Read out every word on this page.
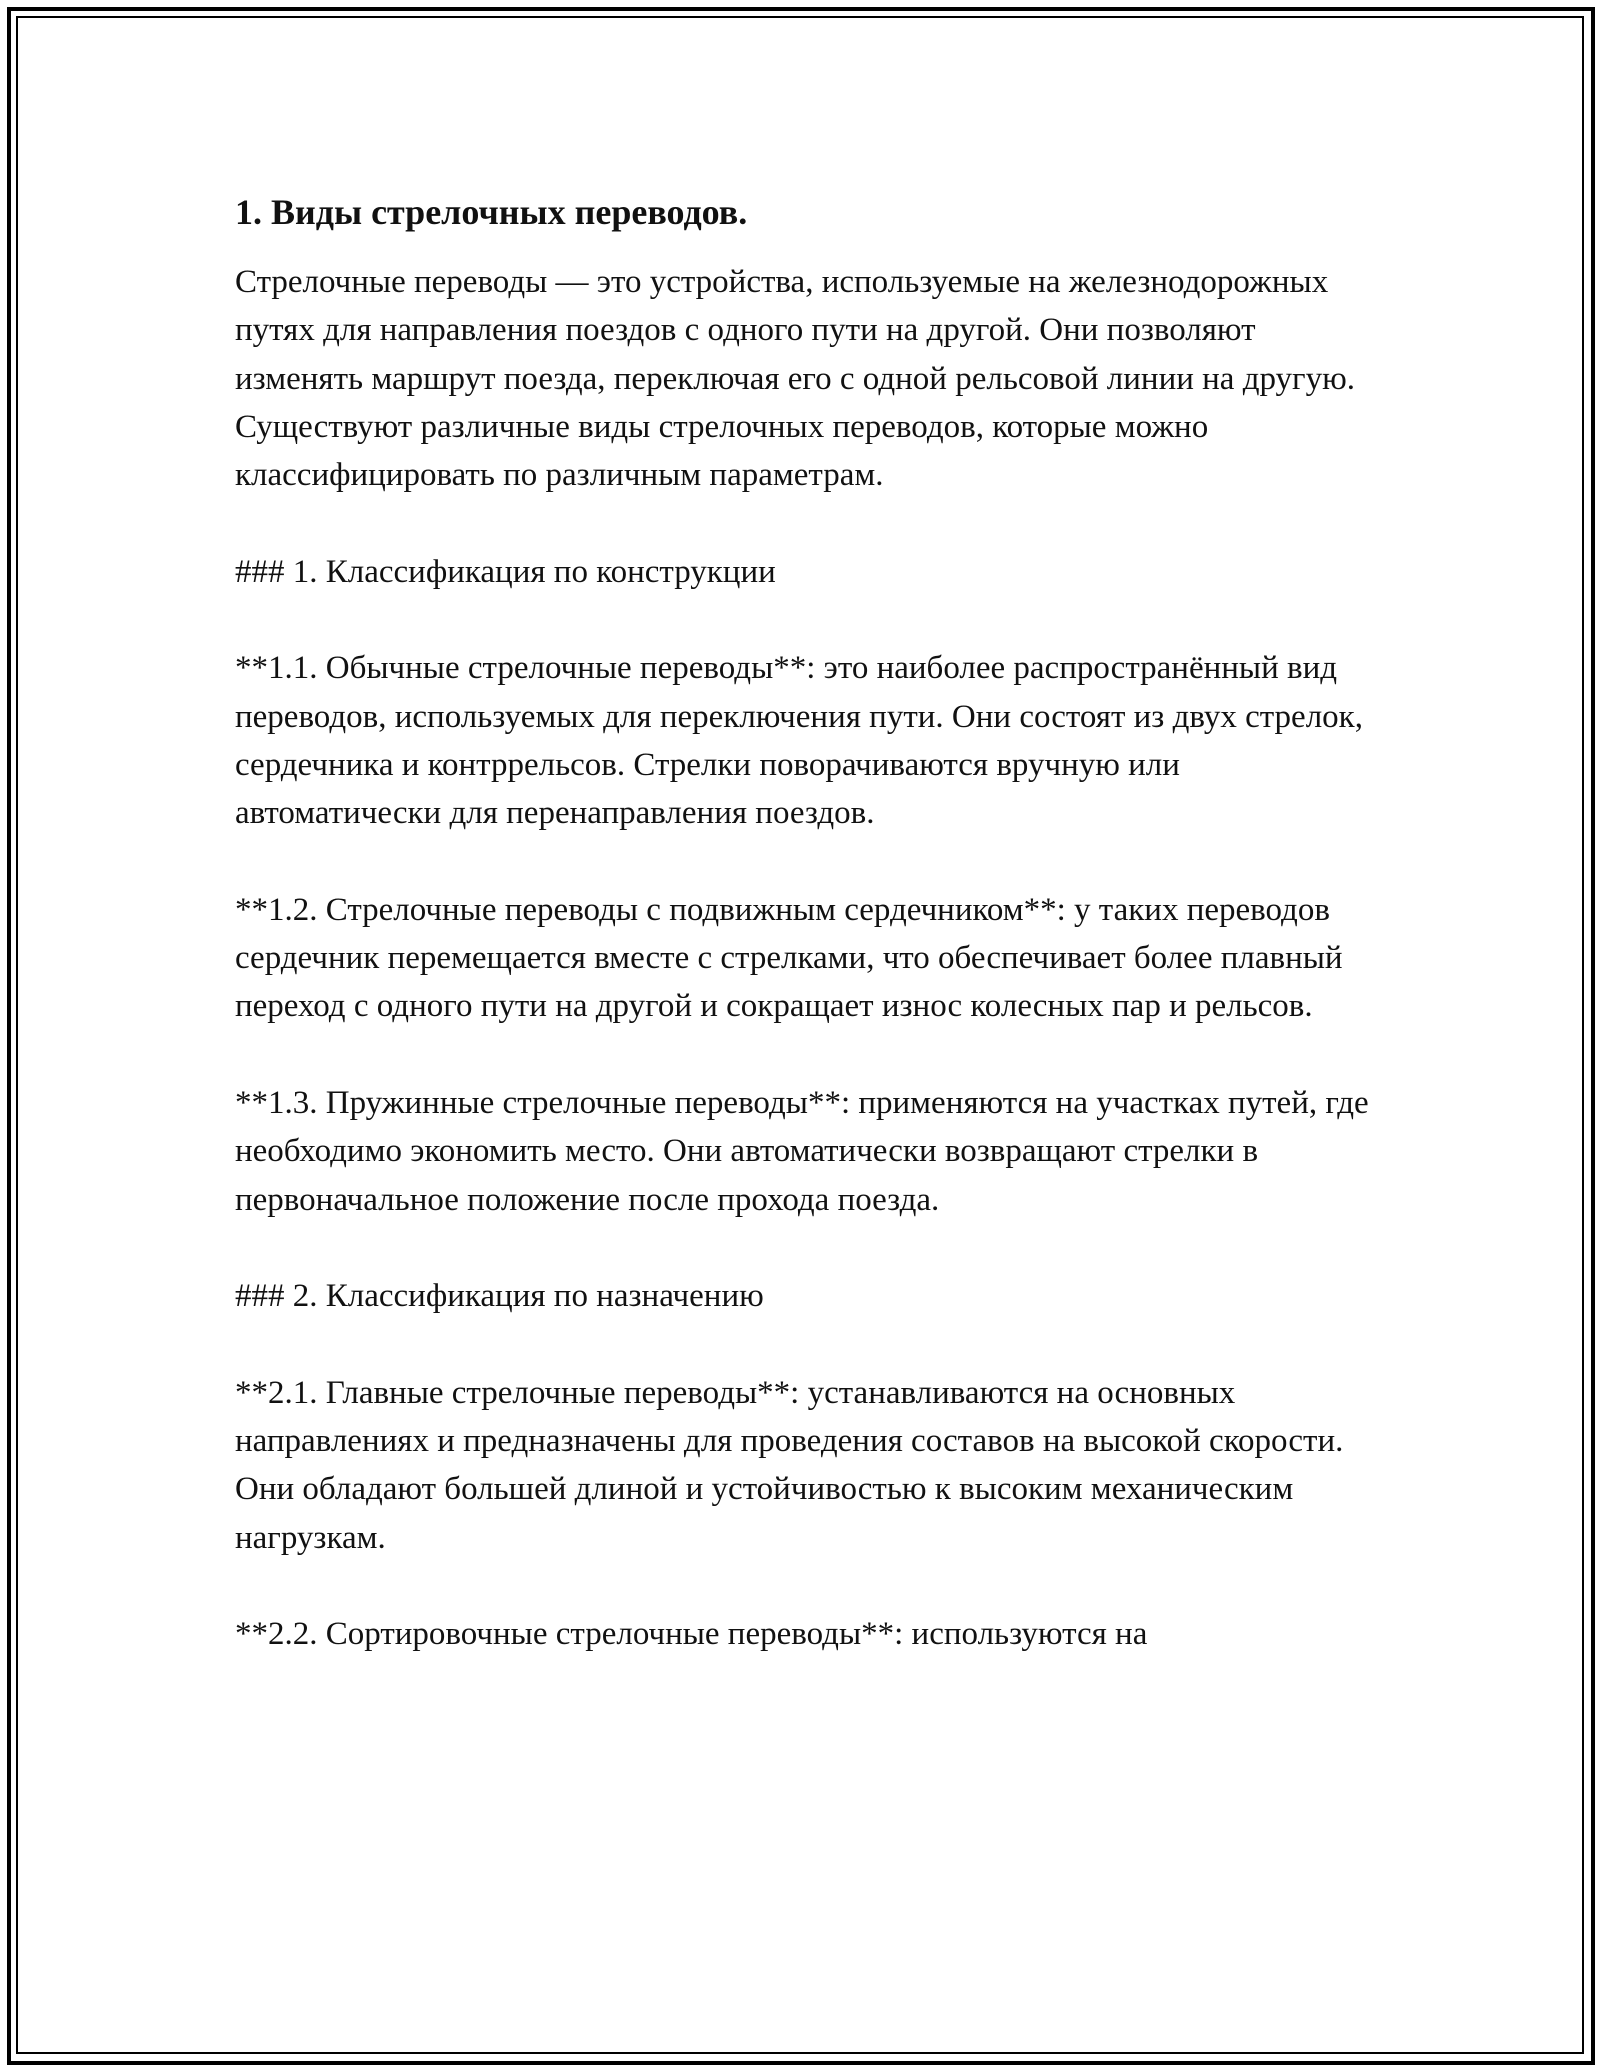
1. Виды стрелочных переводов.

Стрелочные переводы — это устройства, используемые на железнодорожных путях для направления поездов с одного пути на другой. Они позволяют изменять маршрут поезда, переключая его с одной рельсовой линии на другую. Существуют различные виды стрелочных переводов, которые можно классифицировать по различным параметрам.

### 1. Классификация по конструкции

**1.1. Обычные стрелочные переводы**: это наиболее распространённый вид переводов, используемых для переключения пути. Они состоят из двух стрелок, сердечника и контррельсов. Стрелки поворачиваются вручную или автоматически для перенаправления поездов.

**1.2. Стрелочные переводы с подвижным сердечником**: у таких переводов сердечник перемещается вместе с стрелками, что обеспечивает более плавный переход с одного пути на другой и сокращает износ колесных пар и рельсов.

**1.3. Пружинные стрелочные переводы**: применяются на участках путей, где необходимо экономить место. Они автоматически возвращают стрелки в первоначальное положение после прохода поезда.

### 2. Классификация по назначению

**2.1. Главные стрелочные переводы**: устанавливаются на основных направлениях и предназначены для проведения составов на высокой скорости. Они обладают большей длиной и устойчивостью к высоким механическим нагрузкам.

**2.2. Сортировочные стрелочные переводы**: используются на
